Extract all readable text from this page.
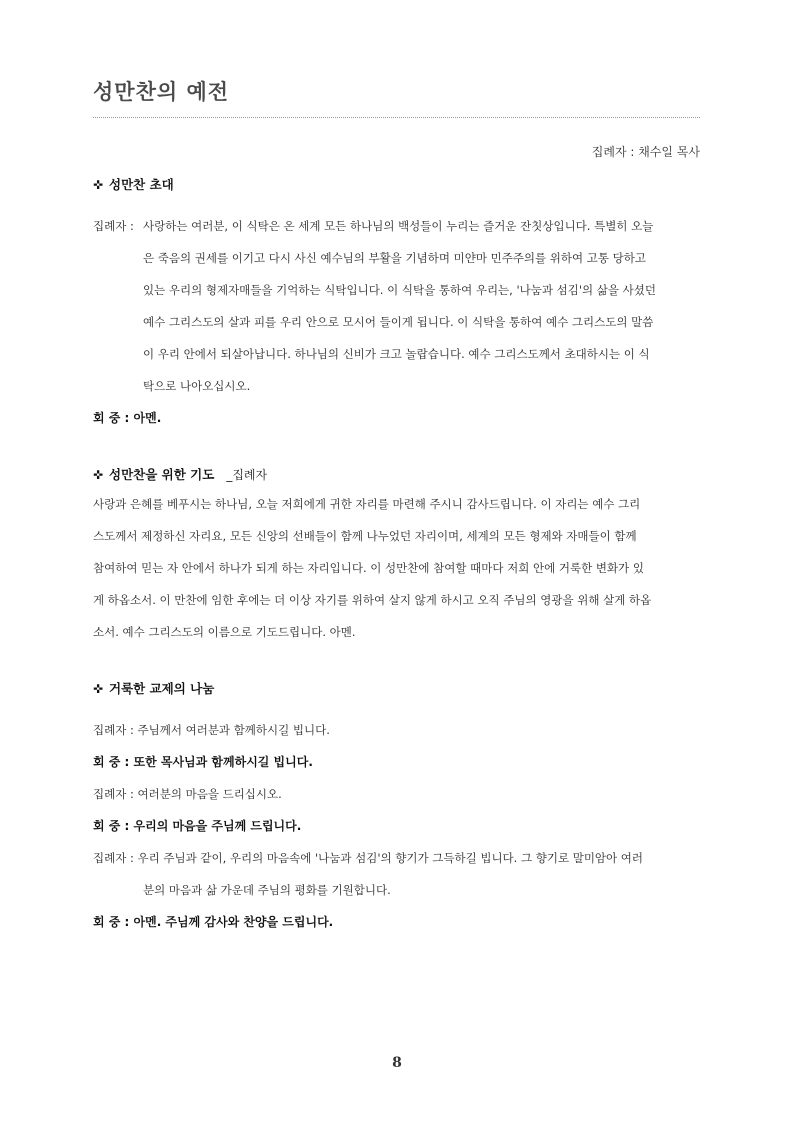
성만찬의 예전
집례자 : 채수일 목사
✜ 성만찬 초대
집례자 : 사랑하는 여러분, 이 식탁은 온 세계 모든 하나님의 백성들이 누리는 즐거운 잔칫상입니다. 특별히 오늘
은 죽음의 권세를 이기고 다시 사신 예수님의 부활을 기념하며 미얀마 민주주의를 위하여 고통 당하고
있는 우리의 형제자매들을 기억하는 식탁입니다. 이 식탁을 통하여 우리는, '나눔과 섬김'의 삶을 사셨던
예수 그리스도의 살과 피를 우리 안으로 모시어 들이게 됩니다. 이 식탁을 통하여 예수 그리스도의 말씀
이 우리 안에서 되살아납니다. 하나님의 신비가 크고 놀랍습니다. 예수 그리스도께서 초대하시는 이 식
탁으로 나아오십시오.
회 중 : 아멘.
✜ 성만찬을 위한 기도 _집례자
사랑과 은혜를 베푸시는 하나님, 오늘 저희에게 귀한 자리를 마련해 주시니 감사드립니다. 이 자리는 예수 그리
스도께서 제정하신 자리요, 모든 신앙의 선배들이 함께 나누었던 자리이며, 세계의 모든 형제와 자매들이 함께
참여하여 믿는 자 안에서 하나가 되게 하는 자리입니다. 이 성만찬에 참여할 때마다 저희 안에 거룩한 변화가 있
게 하옵소서. 이 만찬에 임한 후에는 더 이상 자기를 위하여 살지 않게 하시고 오직 주님의 영광을 위해 살게 하옵
소서. 예수 그리스도의 이름으로 기도드립니다. 아멘.
✜ 거룩한 교제의 나눔
집례자 : 주님께서 여러분과 함께하시길 빕니다.
회 중 : 또한 목사님과 함께하시길 빕니다.
집례자 : 여러분의 마음을 드리십시오.
회 중 : 우리의 마음을 주님께 드립니다.
집례자 : 우리 주님과 같이, 우리의 마음속에 '나눔과 섬김'의 향기가 그득하길 빕니다. 그 향기로 말미암아 여러
분의 마음과 삶 가운데 주님의 평화를 기원합니다.
회 중 : 아멘. 주님께 감사와 찬양을 드립니다.
8
